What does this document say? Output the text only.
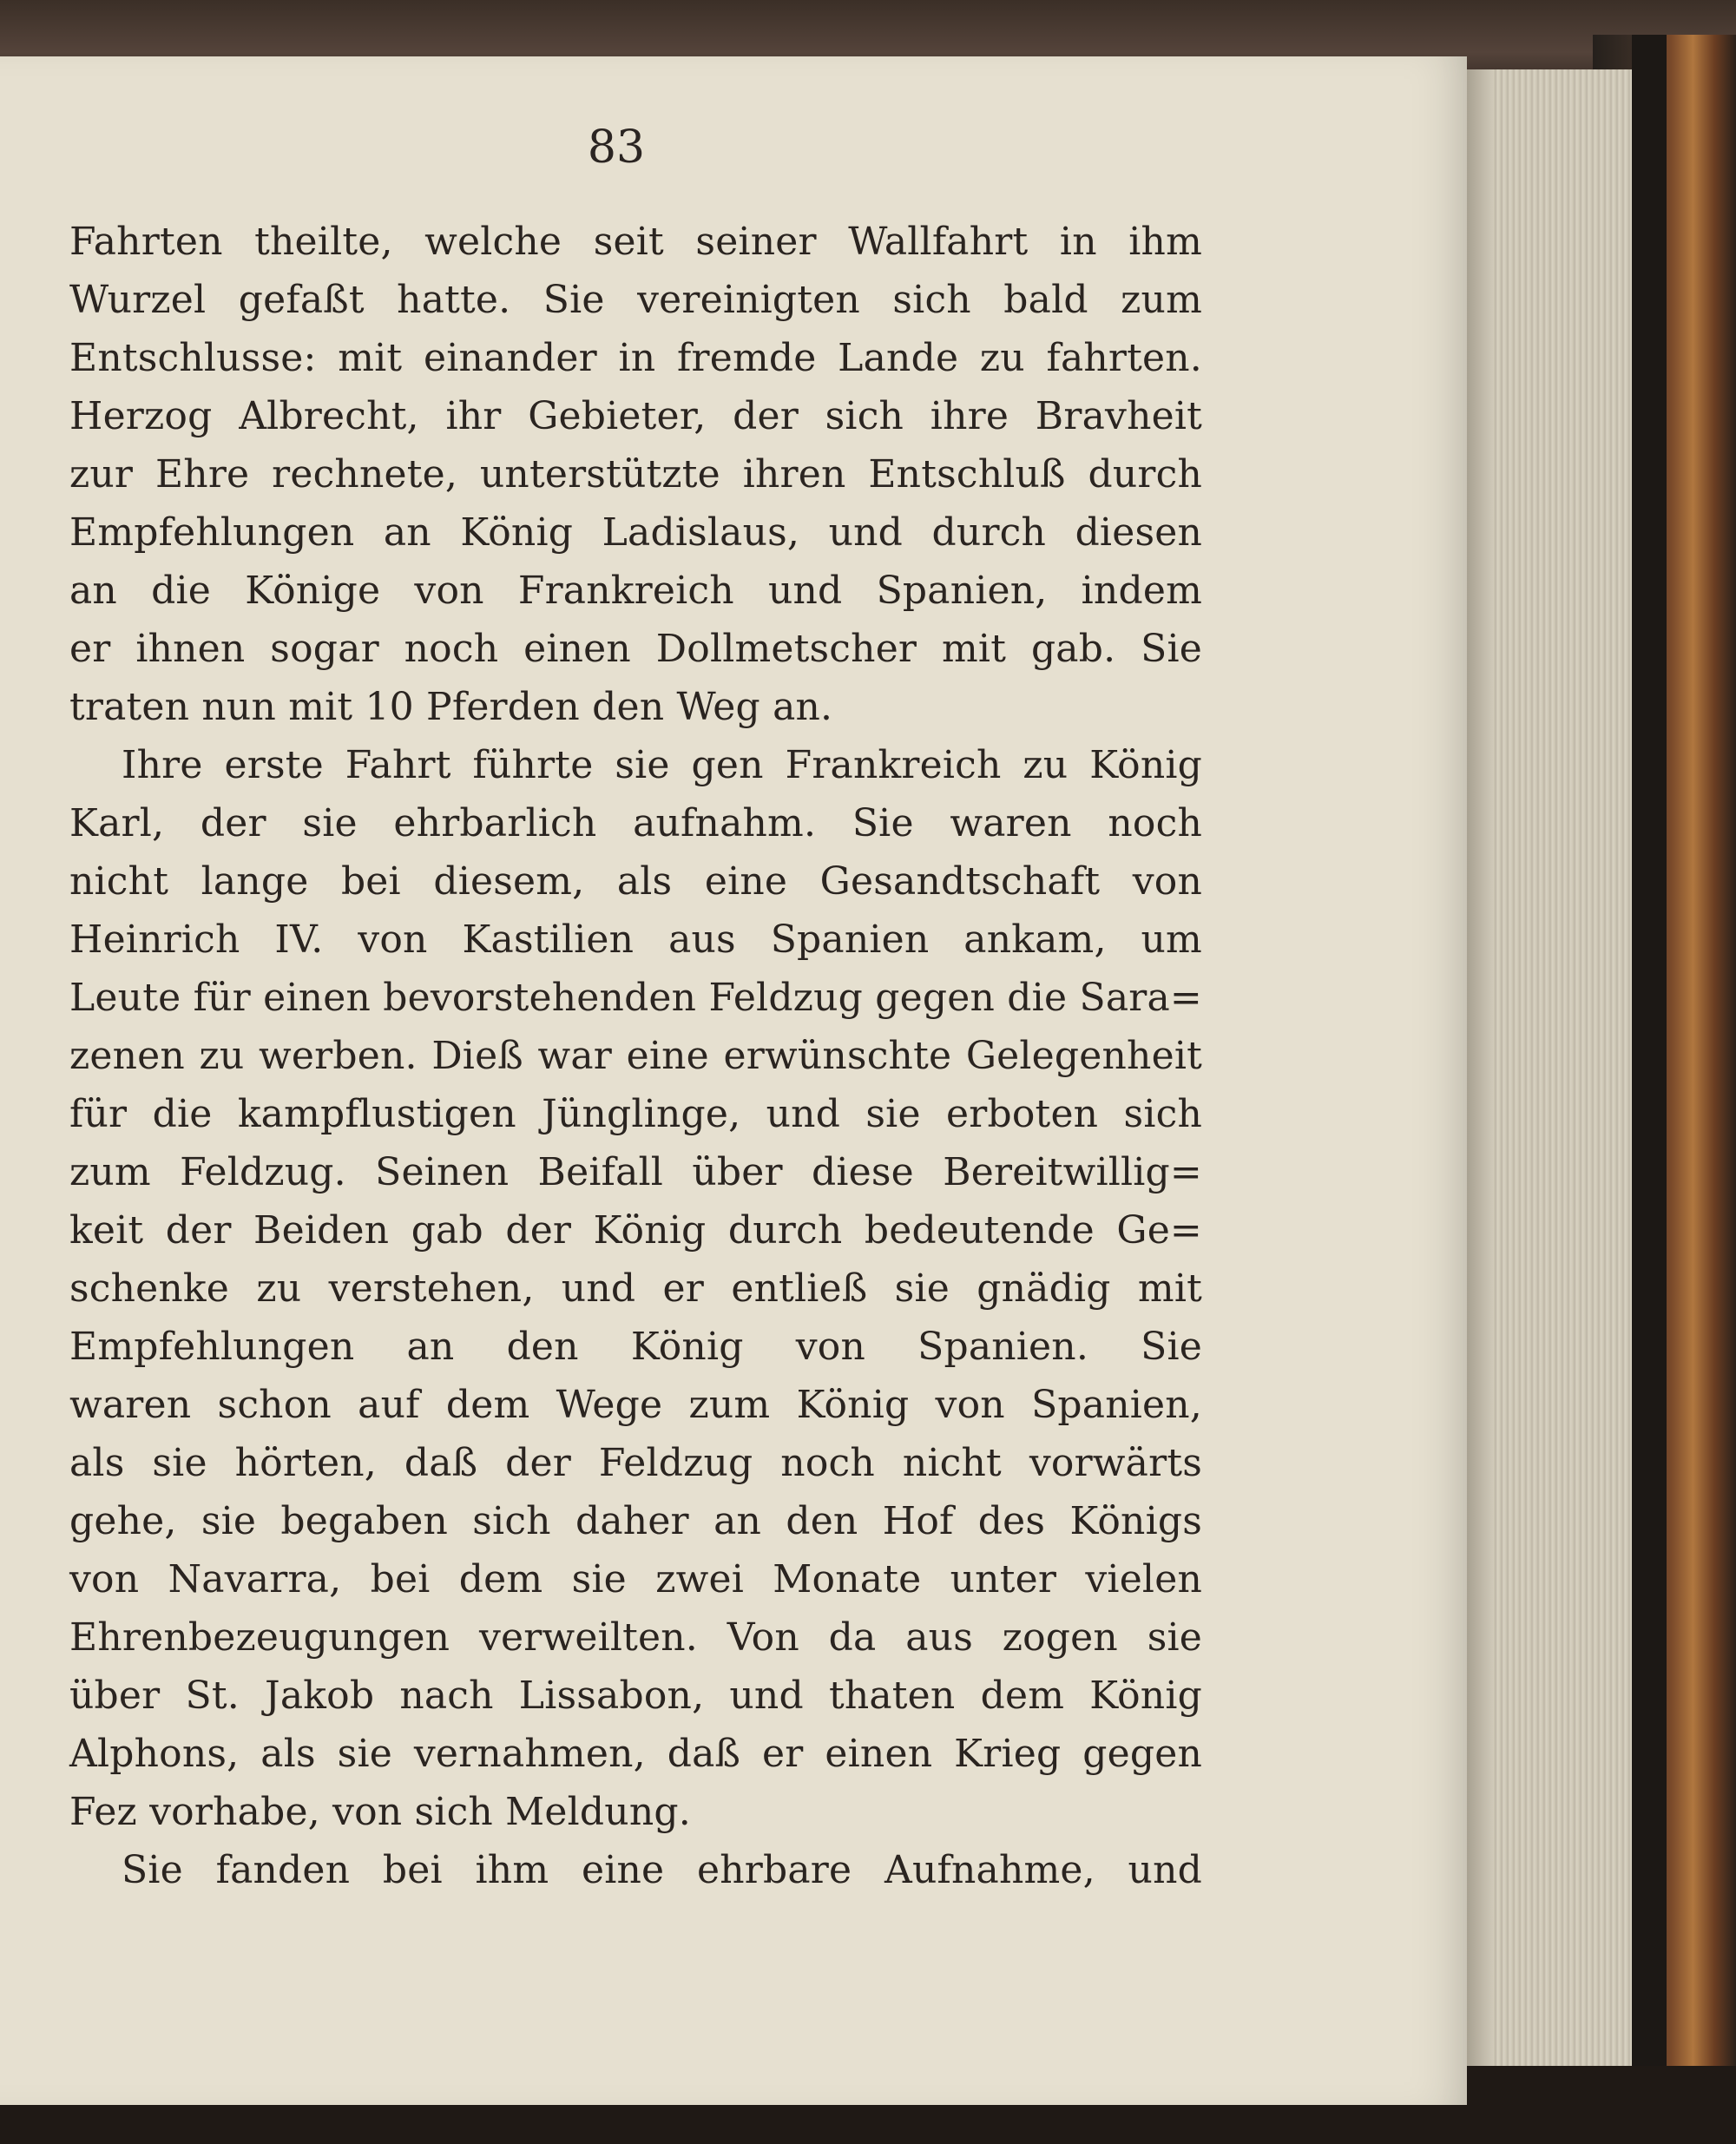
83
Fahrten theilte, welche seit seiner Wallfahrt in ihm
Wurzel gefaßt hatte. Sie vereinigten sich bald zum
Entschlusse: mit einander in fremde Lande zu fahrten.
Herzog Albrecht, ihr Gebieter, der sich ihre Bravheit
zur Ehre rechnete, unterstützte ihren Entschluß durch
Empfehlungen an König Ladislaus, und durch diesen
an die Könige von Frankreich und Spanien, indem
er ihnen sogar noch einen Dollmetscher mit gab. Sie
traten nun mit 10 Pferden den Weg an.
Ihre erste Fahrt führte sie gen Frankreich zu König
Karl, der sie ehrbarlich aufnahm. Sie waren noch
nicht lange bei diesem, als eine Gesandtschaft von
Heinrich IV. von Kastilien aus Spanien ankam, um
Leute für einen bevorstehenden Feldzug gegen die Sara=
zenen zu werben. Dieß war eine erwünschte Gelegenheit
für die kampflustigen Jünglinge, und sie erboten sich
zum Feldzug. Seinen Beifall über diese Bereitwillig=
keit der Beiden gab der König durch bedeutende Ge=
schenke zu verstehen, und er entließ sie gnädig mit
Empfehlungen an den König von Spanien. Sie
waren schon auf dem Wege zum König von Spanien,
als sie hörten, daß der Feldzug noch nicht vorwärts
gehe, sie begaben sich daher an den Hof des Königs
von Navarra, bei dem sie zwei Monate unter vielen
Ehrenbezeugungen verweilten. Von da aus zogen sie
über St. Jakob nach Lissabon, und thaten dem König
Alphons, als sie vernahmen, daß er einen Krieg gegen
Fez vorhabe, von sich Meldung.
Sie fanden bei ihm eine ehrbare Aufnahme, und
